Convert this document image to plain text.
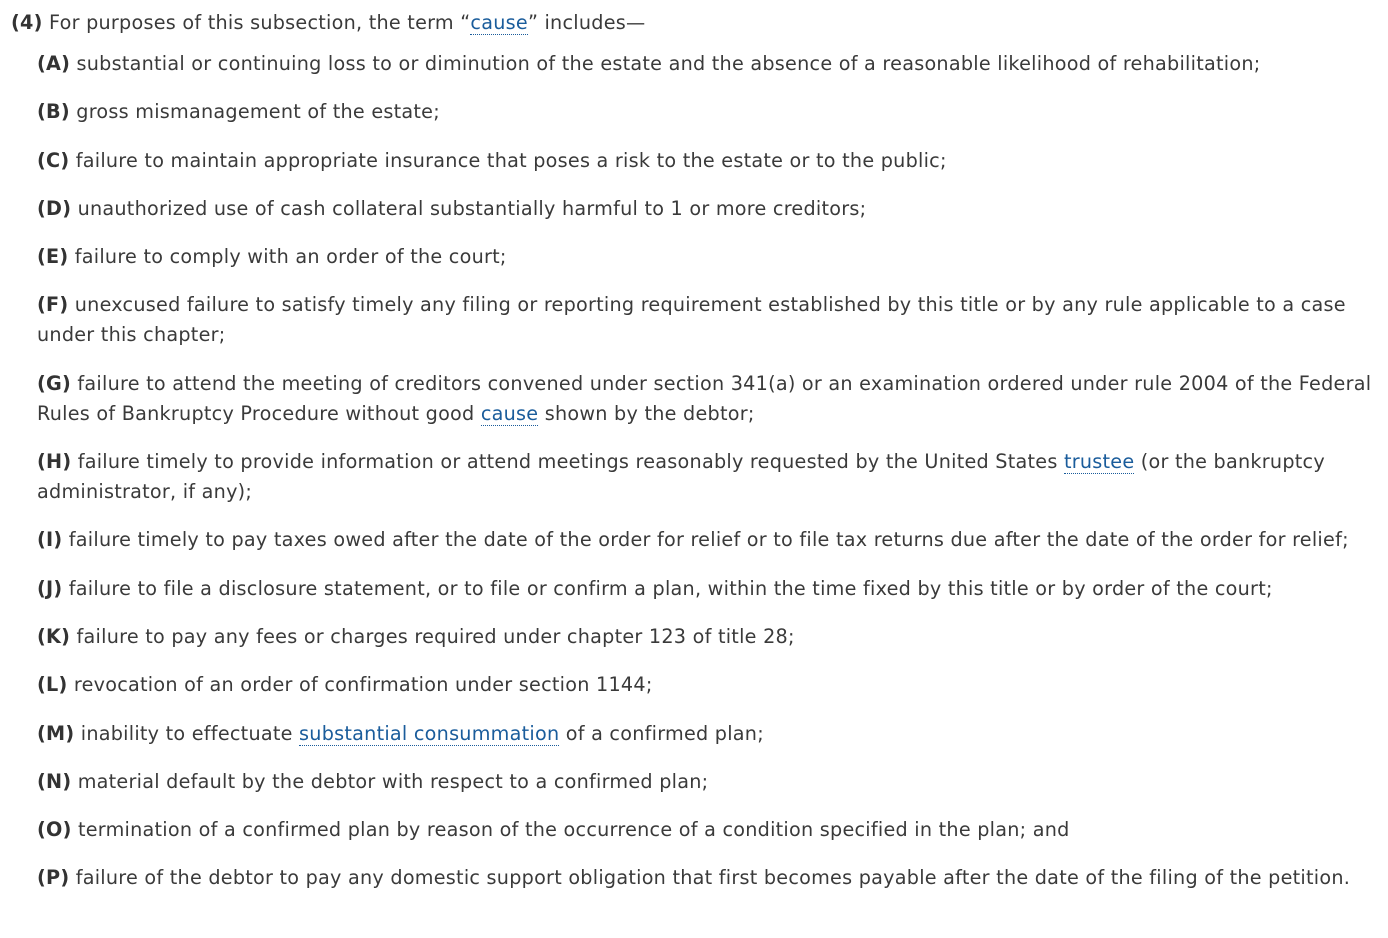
(4) For purposes of this subsection, the term “cause” includes—
(A) substantial or continuing loss to or diminution of the estate and the absence of a reasonable likelihood of rehabilitation;
(B) gross mismanagement of the estate;
(C) failure to maintain appropriate insurance that poses a risk to the estate or to the public;
(D) unauthorized use of cash collateral substantially harmful to 1 or more creditors;
(E) failure to comply with an order of the court;
(F) unexcused failure to satisfy timely any filing or reporting requirement established by this title or by any rule applicable to a case under this chapter;
(G) failure to attend the meeting of creditors convened under section 341(a) or an examination ordered under rule 2004 of the Federal Rules of Bankruptcy Procedure without good cause shown by the debtor;
(H) failure timely to provide information or attend meetings reasonably requested by the United States trustee (or the bankruptcy administrator, if any);
(I) failure timely to pay taxes owed after the date of the order for relief or to file tax returns due after the date of the order for relief;
(J) failure to file a disclosure statement, or to file or confirm a plan, within the time fixed by this title or by order of the court;
(K) failure to pay any fees or charges required under chapter 123 of title 28;
(L) revocation of an order of confirmation under section 1144;
(M) inability to effectuate substantial consummation of a confirmed plan;
(N) material default by the debtor with respect to a confirmed plan;
(O) termination of a confirmed plan by reason of the occurrence of a condition specified in the plan; and
(P) failure of the debtor to pay any domestic support obligation that first becomes payable after the date of the filing of the petition.
